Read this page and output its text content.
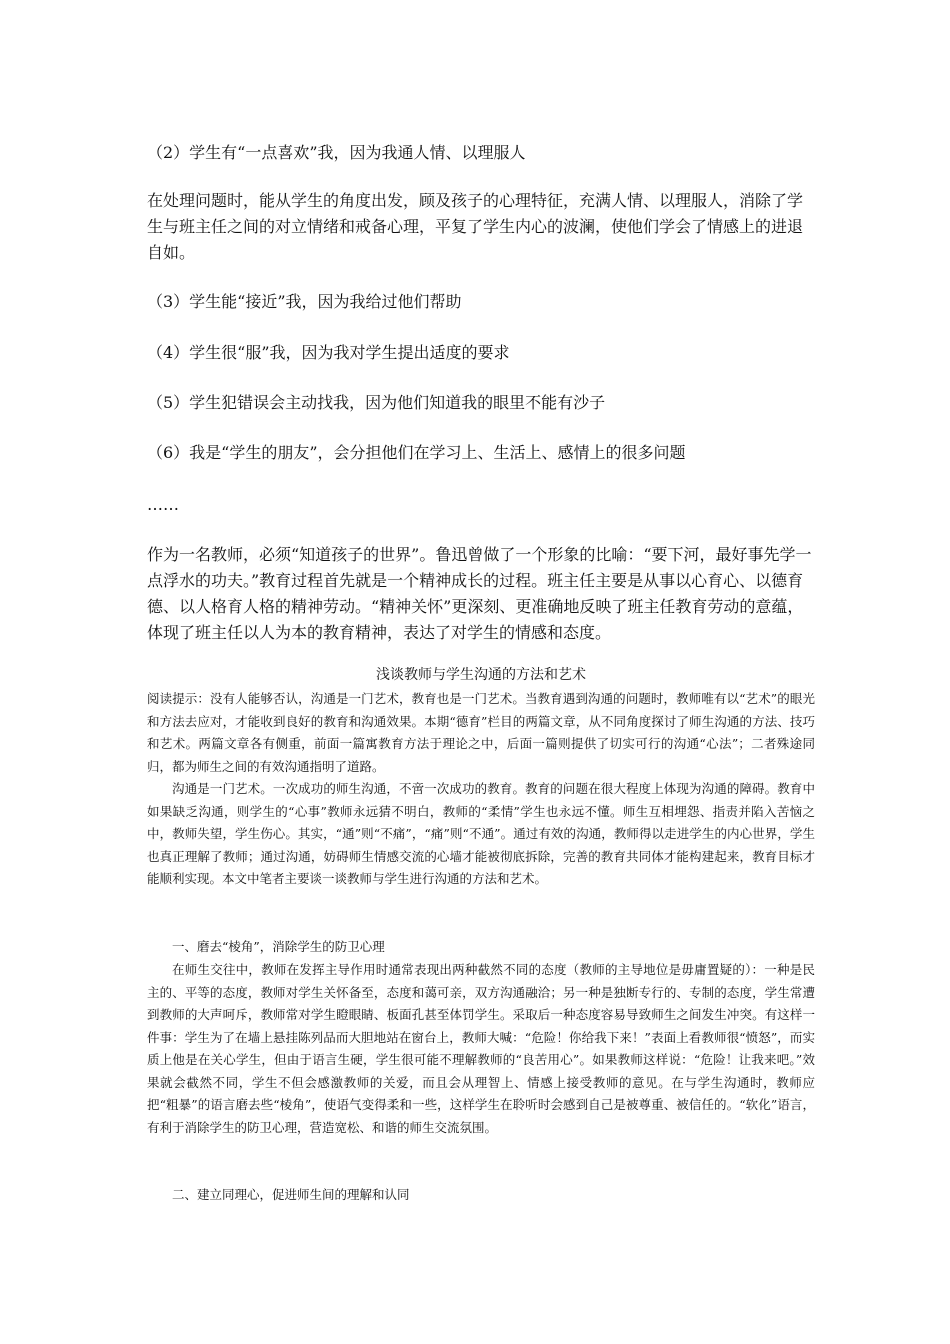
（2）学生有“一点喜欢”我，因为我通人情、以理服人

在处理问题时，能从学生的角度出发，顾及孩子的心理特征，充满人情、以理服人，消除了学生与班主任之间的对立情绪和戒备心理，平复了学生内心的波澜，使他们学会了情感上的进退自如。

（3）学生能“接近”我，因为我给过他们帮助

（4）学生很“服”我，因为我对学生提出适度的要求

（5）学生犯错误会主动找我，因为他们知道我的眼里不能有沙子

（6）我是“学生的朋友”，会分担他们在学习上、生活上、感情上的很多问题

……

作为一名教师，必须“知道孩子的世界”。鲁迅曾做了一个形象的比喻：“要下河，最好事先学一点浮水的功夫。”教育过程首先就是一个精神成长的过程。班主任主要是从事以心育心、以德育德、以人格育人格的精神劳动。“精神关怀”更深刻、更准确地反映了班主任教育劳动的意蕴，体现了班主任以人为本的教育精神，表达了对学生的情感和态度。

浅谈教师与学生沟通的方法和艺术

阅读提示：没有人能够否认，沟通是一门艺术，教育也是一门艺术。当教育遇到沟通的问题时，教师唯有以“艺术”的眼光和方法去应对，才能收到良好的教育和沟通效果。本期“德育”栏目的两篇文章，从不同角度探讨了师生沟通的方法、技巧和艺术。两篇文章各有侧重，前面一篇寓教育方法于理论之中，后面一篇则提供了切实可行的沟通“心法”；二者殊途同归，都为师生之间的有效沟通指明了道路。

沟通是一门艺术。一次成功的师生沟通，不啻一次成功的教育。教育的问题在很大程度上体现为沟通的障碍。教育中如果缺乏沟通，则学生的“心事”教师永远猜不明白，教师的“柔情”学生也永远不懂。师生互相埋怨、指责并陷入苦恼之中，教师失望，学生伤心。其实，“通”则“不痛”，“痛”则“不通”。通过有效的沟通，教师得以走进学生的内心世界，学生也真正理解了教师；通过沟通，妨碍师生情感交流的心墙才能被彻底拆除，完善的教育共同体才能构建起来，教育目标才能顺利实现。本文中笔者主要谈一谈教师与学生进行沟通的方法和艺术。

一、磨去“棱角”，消除学生的防卫心理

在师生交往中，教师在发挥主导作用时通常表现出两种截然不同的态度（教师的主导地位是毋庸置疑的）：一种是民主的、平等的态度，教师对学生关怀备至，态度和蔼可亲，双方沟通融洽；另一种是独断专行的、专制的态度，学生常遭到教师的大声呵斥，教师常对学生瞪眼睛、板面孔甚至体罚学生。采取后一种态度容易导致师生之间发生冲突。有这样一件事：学生为了在墙上悬挂陈列品而大胆地站在窗台上，教师大喊：“危险！你给我下来！”表面上看教师很“愤怒”，而实质上他是在关心学生，但由于语言生硬，学生很可能不理解教师的“良苦用心”。如果教师这样说：“危险！让我来吧。”效果就会截然不同，学生不但会感激教师的关爱，而且会从理智上、情感上接受教师的意见。在与学生沟通时，教师应把“粗暴”的语言磨去些“棱角”，使语气变得柔和一些，这样学生在聆听时会感到自己是被尊重、被信任的。“软化”语言，有利于消除学生的防卫心理，营造宽松、和谐的师生交流氛围。

二、建立同理心，促进师生间的理解和认同
